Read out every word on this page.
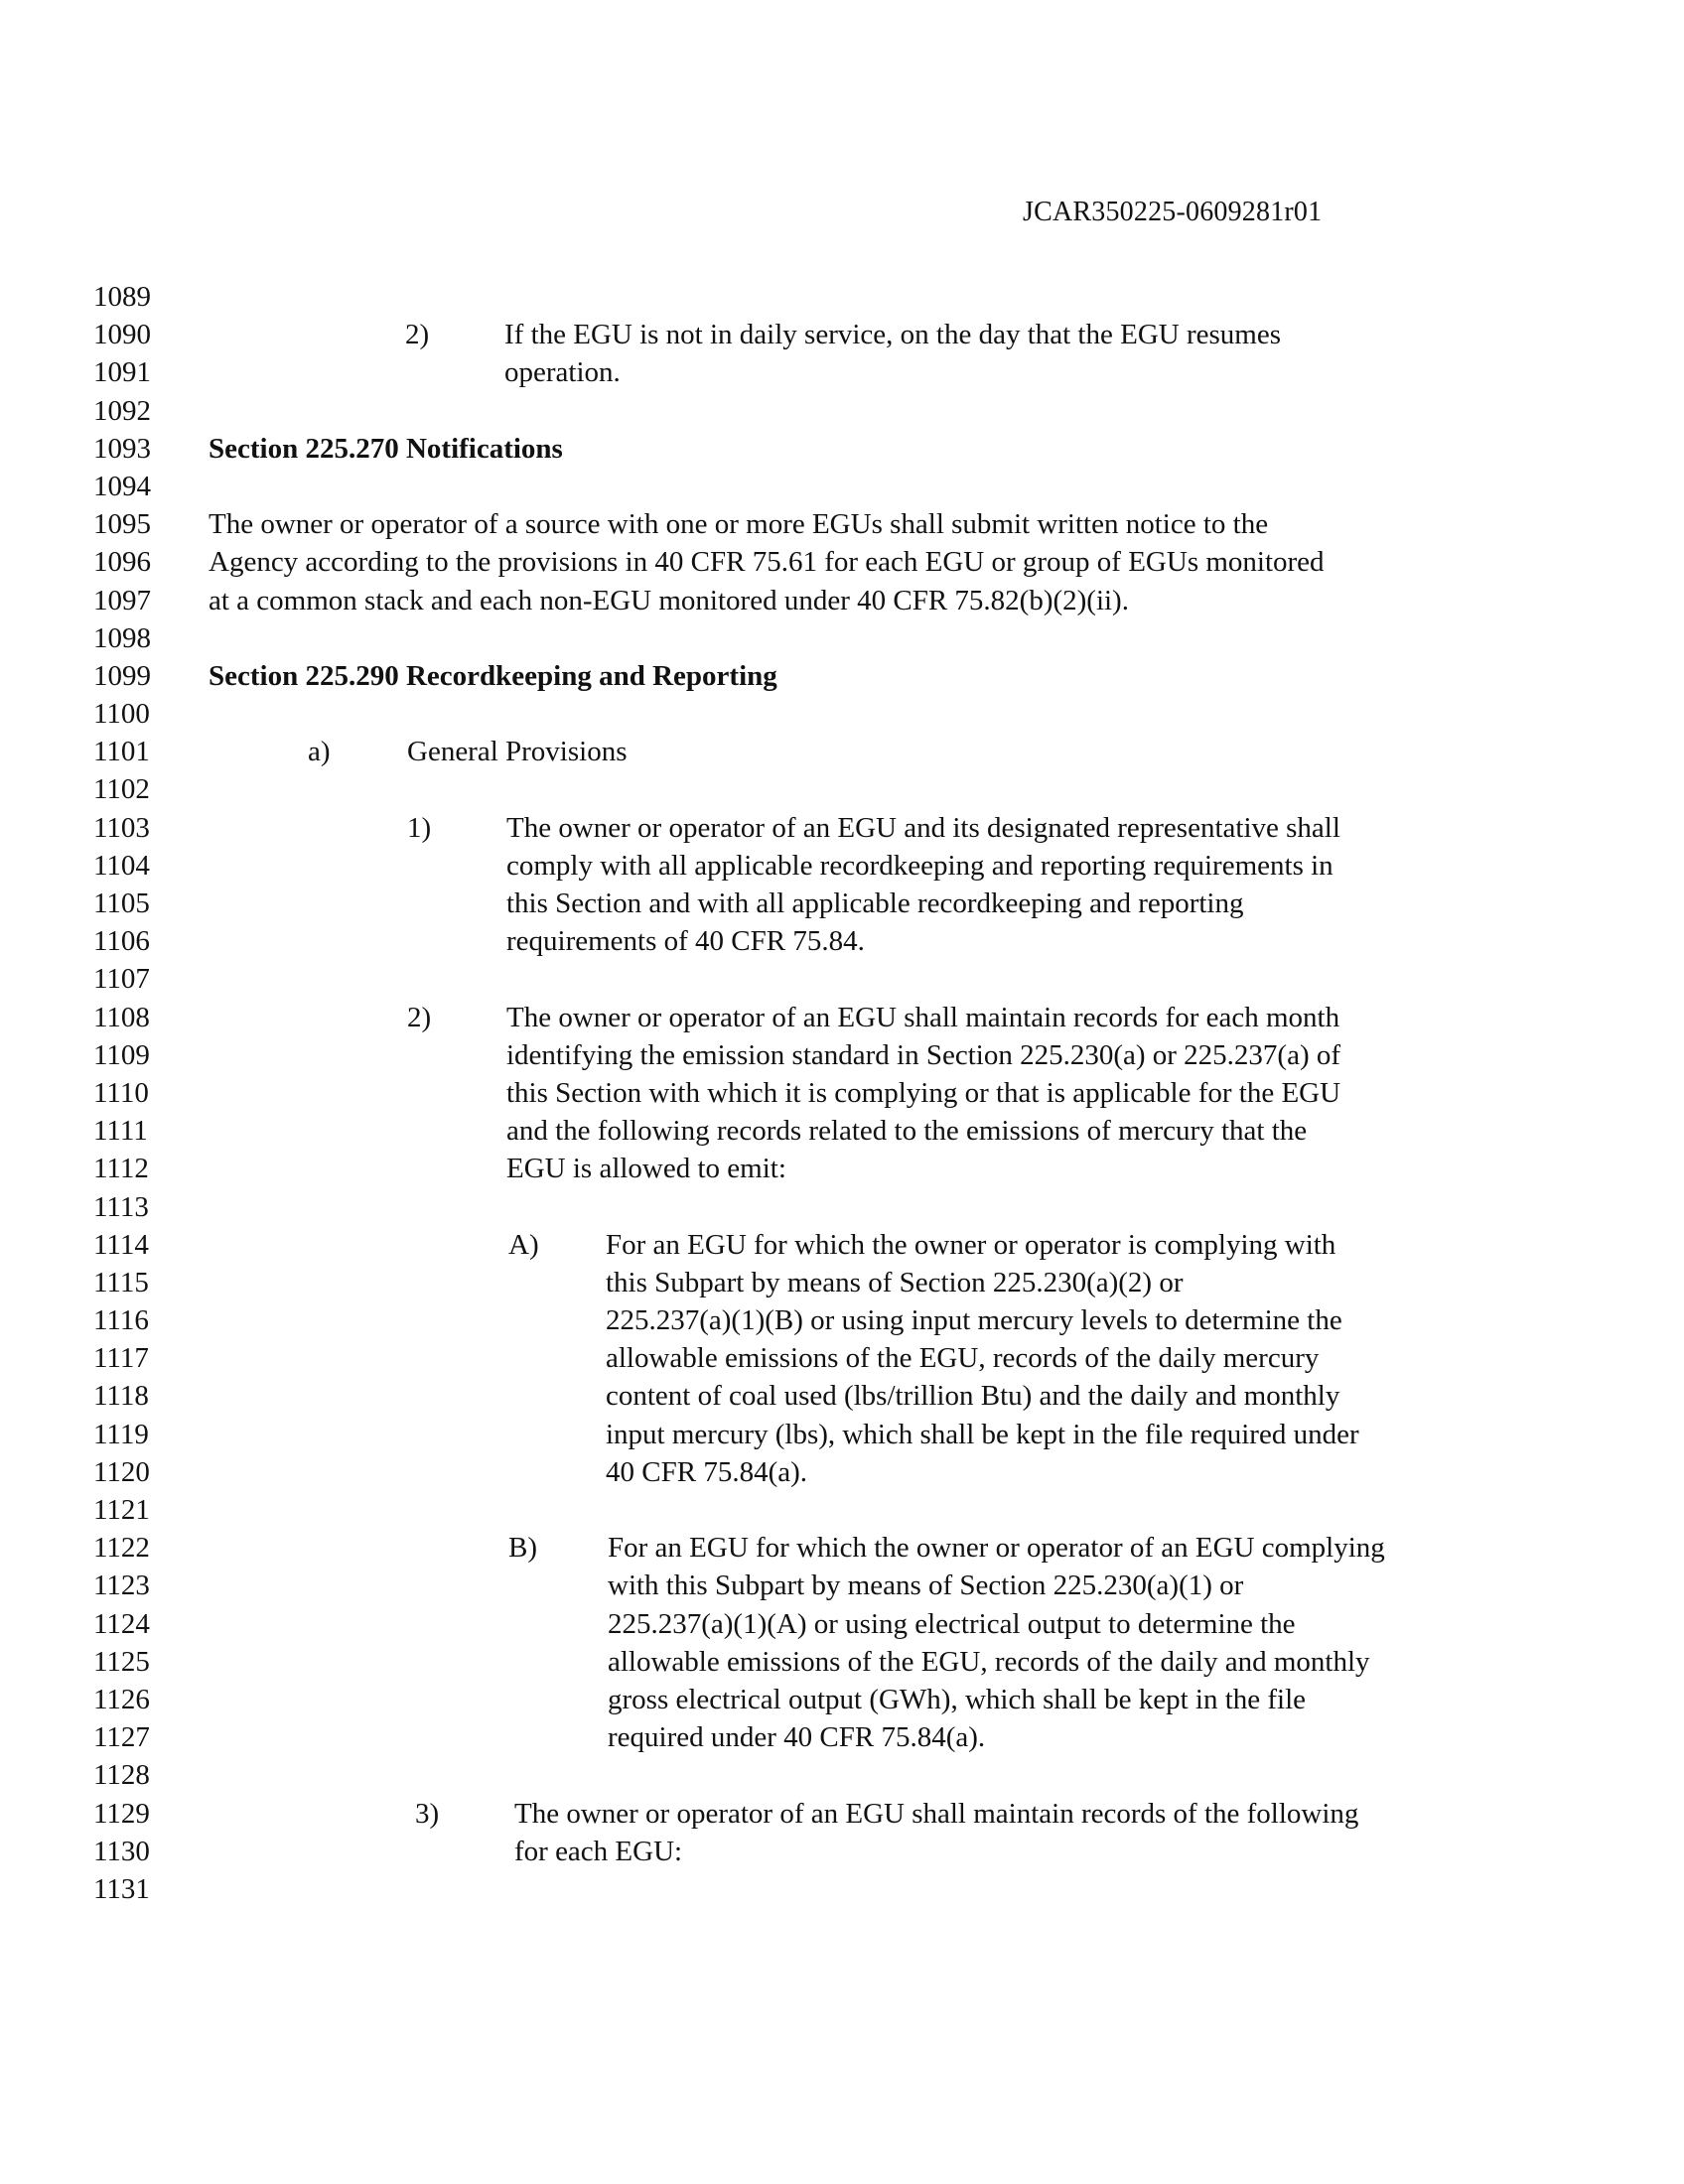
JCAR350225-0609281r01
1089
1090	2)	If the EGU is not in daily service, on the day that the EGU resumes
1091	operation.
1092
1093	Section 225.270 Notifications
1094
1095	The owner or operator of a source with one or more EGUs shall submit written notice to the
1096	Agency according to the provisions in 40 CFR 75.61 for each EGU or group of EGUs monitored
1097	at a common stack and each non-EGU monitored under 40 CFR 75.82(b)(2)(ii).
1098
1099	Section 225.290 Recordkeeping and Reporting
1100
1101	a)	General Provisions
1102
1103	1)	The owner or operator of an EGU and its designated representative shall
1104	comply with all applicable recordkeeping and reporting requirements in
1105	this Section and with all applicable recordkeeping and reporting
1106	requirements of 40 CFR 75.84.
1107
1108	2)	The owner or operator of an EGU shall maintain records for each month
1109	identifying the emission standard in Section 225.230(a) or 225.237(a) of
1110	this Section with which it is complying or that is applicable for the EGU
1111	and the following records related to the emissions of mercury that the
1112	EGU is allowed to emit:
1113
1114	A) For an EGU for which the owner or operator is complying with
1115	this Subpart by means of Section 225.230(a)(2) or
1116	225.237(a)(1)(B) or using input mercury levels to determine the
1117	allowable emissions of the EGU, records of the daily mercury
1118	content of coal used (lbs/trillion Btu) and the daily and monthly
1119	input mercury (lbs), which shall be kept in the file required under
1120	40 CFR 75.84(a).
1121
1122	B) For an EGU for which the owner or operator of an EGU complying
1123	with this Subpart by means of Section 225.230(a)(1) or
1124	225.237(a)(1)(A) or using electrical output to determine the
1125	allowable emissions of the EGU, records of the daily and monthly
1126	gross electrical output (GWh), which shall be kept in the file
1127	required under 40 CFR 75.84(a).
1128
1129	3)	The owner or operator of an EGU shall maintain records of the following
1130	for each EGU:
1131
